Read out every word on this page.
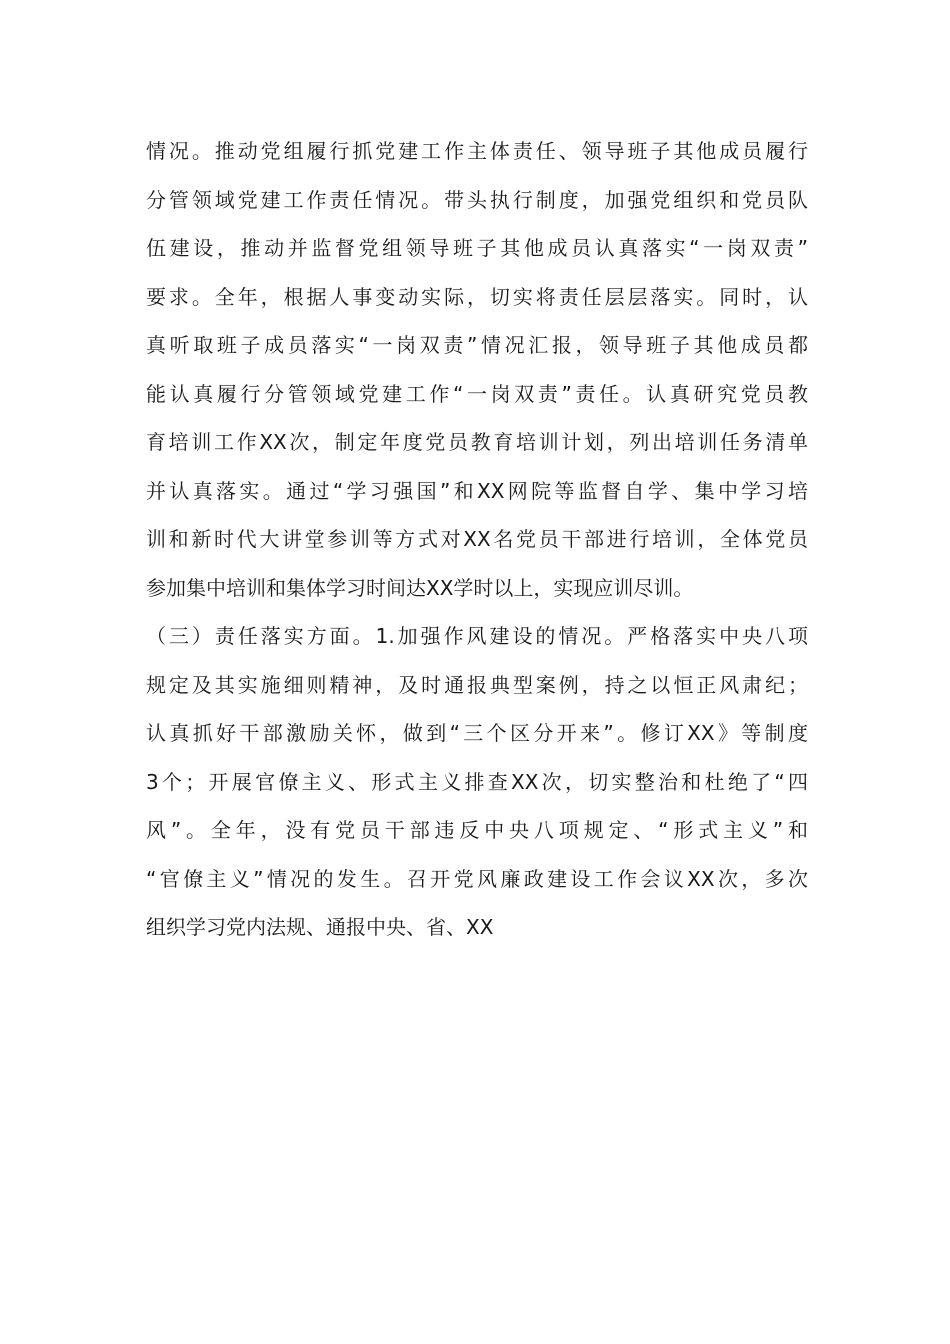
情况。推动党组履行抓党建工作主体责任、领导班子其他成员履行
分管领域党建工作责任情况。带头执行制度，加强党组织和党员队
伍建设，推动并监督党组领导班子其他成员认真落实“一岗双责”
要求。全年，根据人事变动实际，切实将责任层层落实。同时，认
真听取班子成员落实“一岗双责”情况汇报，领导班子其他成员都
能认真履行分管领域党建工作“一岗双责”责任。认真研究党员教
育培训工作XX次，制定年度党员教育培训计划，列出培训任务清单
并认真落实。通过“学习强国”和XX网院等监督自学、集中学习培
训和新时代大讲堂参训等方式对XX名党员干部进行培训，全体党员
参加集中培训和集体学习时间达XX学时以上，实现应训尽训。
（三）责任落实方面。1.加强作风建设的情况。严格落实中央八项
规定及其实施细则精神，及时通报典型案例，持之以恒正风肃纪；
认真抓好干部激励关怀，做到“三个区分开来”。修订XX》等制度
3个；开展官僚主义、形式主义排查XX次，切实整治和杜绝了“四
风”。全年，没有党员干部违反中央八项规定、“形式主义”和
“官僚主义”情况的发生。召开党风廉政建设工作会议XX次，多次
组织学习党内法规、通报中央、省、XX
